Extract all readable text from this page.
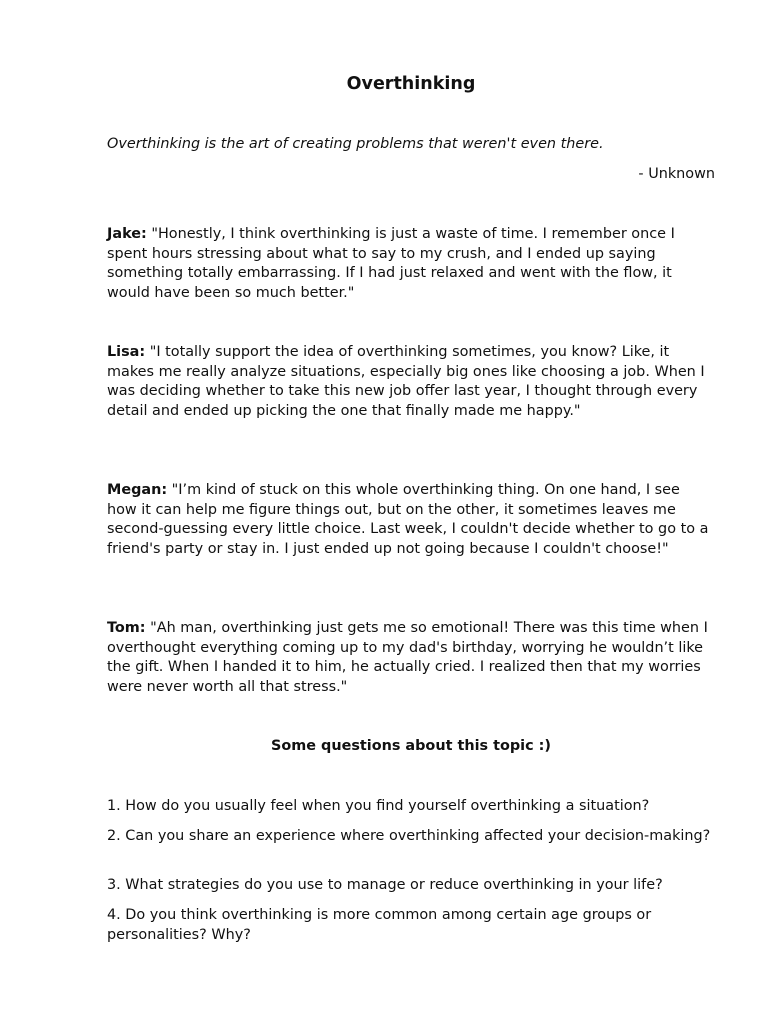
Overthinking

Overthinking is the art of creating problems that weren't even there.

- Unknown

Jake: "Honestly, I think overthinking is just a waste of time. I remember once I spent hours stressing about what to say to my crush, and I ended up saying something totally embarrassing. If I had just relaxed and went with the flow, it would have been so much better."

Lisa: "I totally support the idea of overthinking sometimes, you know? Like, it makes me really analyze situations, especially big ones like choosing a job. When I was deciding whether to take this new job offer last year, I thought through every detail and ended up picking the one that finally made me happy."

Megan: "I’m kind of stuck on this whole overthinking thing. On one hand, I see how it can help me figure things out, but on the other, it sometimes leaves me second-guessing every little choice. Last week, I couldn't decide whether to go to a friend's party or stay in. I just ended up not going because I couldn't choose!"

Tom: "Ah man, overthinking just gets me so emotional! There was this time when I overthought everything coming up to my dad's birthday, worrying he wouldn’t like the gift. When I handed it to him, he actually cried. I realized then that my worries were never worth all that stress."

Some questions about this topic :)

1. How do you usually feel when you find yourself overthinking a situation?

2. Can you share an experience where overthinking affected your decision-making?

3. What strategies do you use to manage or reduce overthinking in your life?

4. Do you think overthinking is more common among certain age groups or personalities? Why?
